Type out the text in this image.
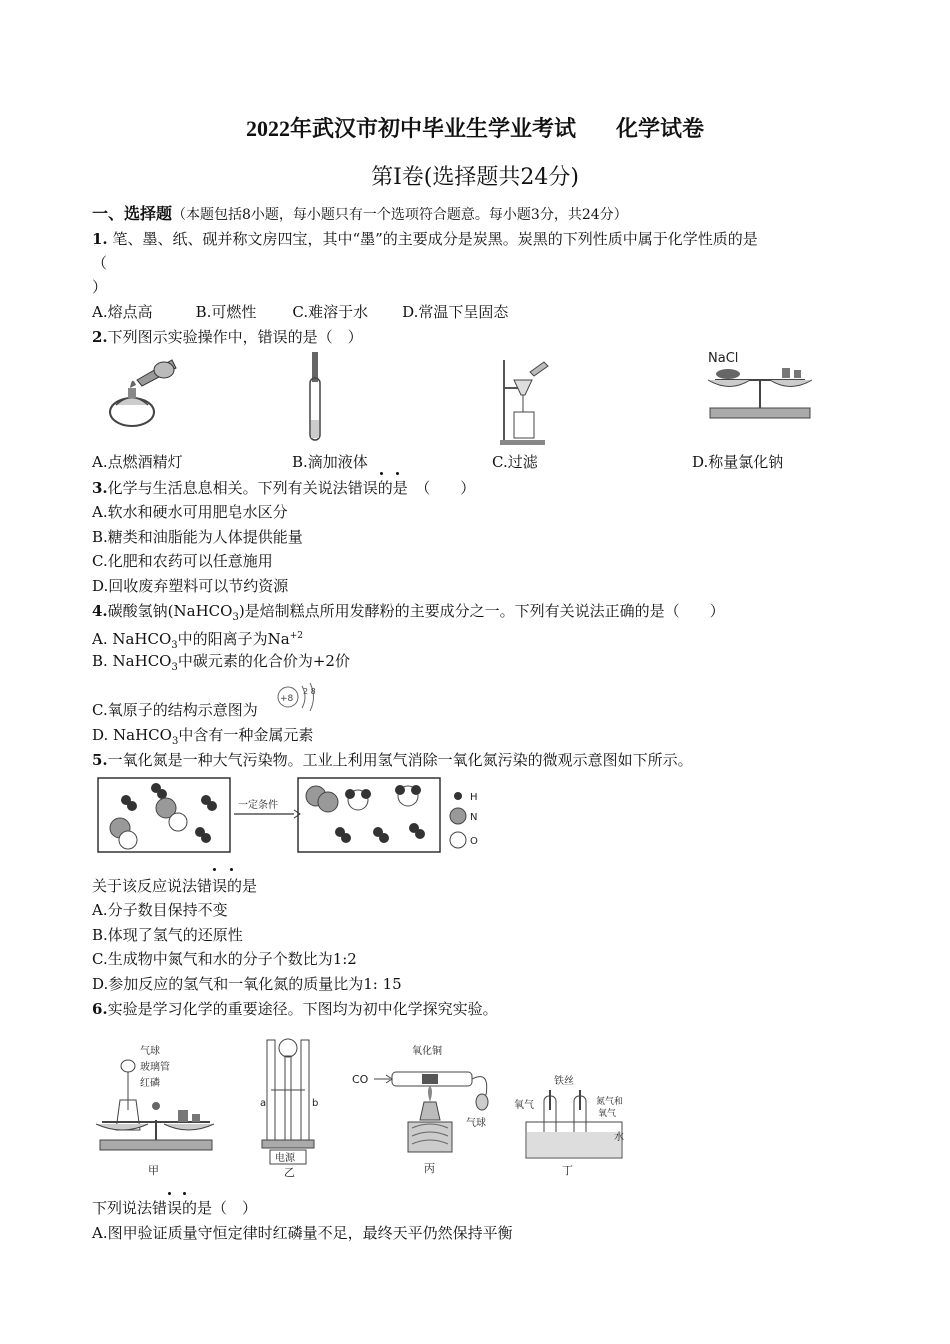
2022年武汉市初中毕业生学业考试 化学试卷
第Ⅰ卷(选择题共24分)
一、选择题（本题包括8小题，每小题只有一个选项符合题意。每小题3分，共24分）
1. 笔、墨、纸、砚并称文房四宝，其中“墨”的主要成分是炭黑。炭黑的下列性质中属于化学性质的是
（
）
A.熔点高	B.可燃性 C.难溶于水 D.常温下呈固态
2.下列图示实验操作中，错误的是（　）
NaCl
A.点燃酒精灯	B.滴加液体	C.过滤	D.称量氯化钠
3.化学与生活息息相关。下列有关说法错误的是　（　　）
A.软水和硬水可用肥皂水区分
B.糖类和油脂能为人体提供能量
C.化肥和农药可以任意施用
D.回收废弃塑料可以节约资源
4.碳酸氢钠(NaHCO$_3$)是焙制糕点所用发酵粉的主要成分之一。下列有关说法正确的是（　　）
A. NaHCO$_3$中的阳离子为$Na^{+2}$
B. NaHCO$_3$中碳元素的化合价为+2价
C.氧原子的结构示意图为
+8
2 8
D. NaHCO$_3$中含有一种金属元素
5.一氧化氮是一种大气污染物。工业上利用氢气消除一氧化氮污染的微观示意图如下所示。
一定条件
H
N
O
关于该反应说法错误的是
A.分子数目保持不变
B.体现了氢气的还原性
C.生成物中氮气和水的分子个数比为1:2
D.参加反应的氢气和一氧化氮的质量比为1: 15
6.实验是学习化学的重要途径。下图均为初中化学探究实验。
气球
玻璃管
红磷
甲
a	b
电源
乙
CO
氧化铜
气球
丙
铁丝
氧气	氮气和
氧气
水
丁
下列说法错误的是（　）
A.图甲验证质量守恒定律时红磷量不足，最终天平仍然保持平衡
